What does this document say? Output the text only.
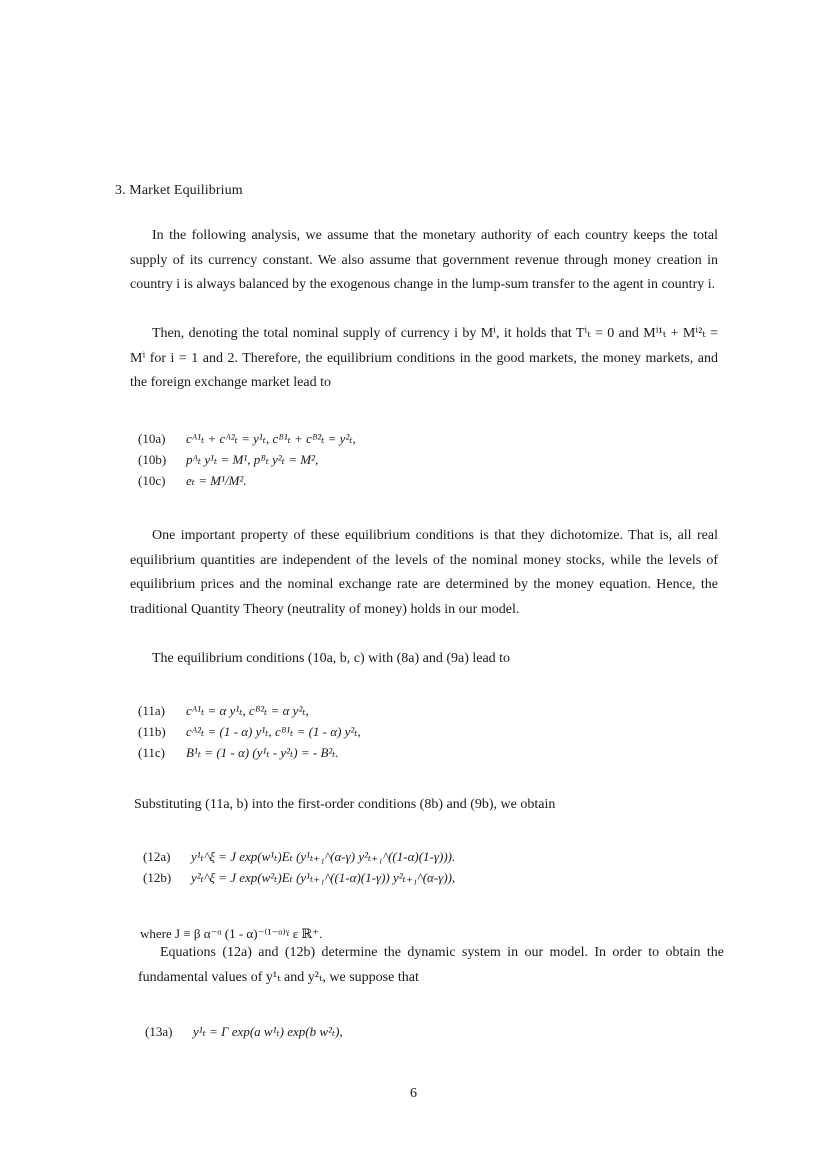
3. Market Equilibrium

In the following analysis, we assume that the monetary authority of each country keeps the total supply of its currency constant. We also assume that government revenue through money creation in country i is always balanced by the exogenous change in the lump-sum transfer to the agent in country i.

Then, denoting the total nominal supply of currency i by Mⁱ, it holds that Tⁱₜ = 0 and Mⁱ¹ₜ + Mⁱ²ₜ = Mⁱ for i = 1 and 2. Therefore, the equilibrium conditions in the good markets, the money markets, and the foreign exchange market lead to

(10a)	cᴬ¹ₜ + cᴬ²ₜ = y¹ₜ, cᴮ¹ₜ + cᴮ²ₜ = y²ₜ,
(10b)	pᴬₜ y¹ₜ = M¹, pᴮₜ y²ₜ = M²,
(10c)	eₜ = M¹/M².

One important property of these equilibrium conditions is that they dichotomize. That is, all real equilibrium quantities are independent of the levels of the nominal money stocks, while the levels of equilibrium prices and the nominal exchange rate are determined by the money equation. Hence, the traditional Quantity Theory (neutrality of money) holds in our model.

The equilibrium conditions (10a, b, c) with (8a) and (9a) lead to

(11a)	cᴬ¹ₜ = α y¹ₜ, cᴮ²ₜ = α y²ₜ,
(11b)	cᴬ²ₜ = (1 - α) y¹ₜ, cᴮ¹ₜ = (1 - α) y²ₜ,
(11c)	B¹ₜ = (1 - α) (y¹ₜ - y²ₜ) = - B²ₜ.

Substituting (11a, b) into the first-order conditions (8b) and (9b), we obtain

(12a)	y¹ₜ^ξ = J exp(w¹ₜ)Eₜ (y¹ₜ₊₁^(α-γ) y²ₜ₊₁^((1-α)(1-γ))).
(12b)	y²ₜ^ξ = J exp(w²ₜ)Eₜ (y¹ₜ₊₁^((1-α)(1-γ)) y²ₜ₊₁^(α-γ)),

where J ≡ β α⁻ᵅ (1 - α)⁻⁽¹⁻ᵅ⁾ˠ ε ℝ⁺.

Equations (12a) and (12b) determine the dynamic system in our model. In order to obtain the fundamental values of y¹ₜ and y²ₜ, we suppose that

(13a)	y¹ₜ = Γ exp(a w¹ₜ) exp(b w²ₜ),
6
